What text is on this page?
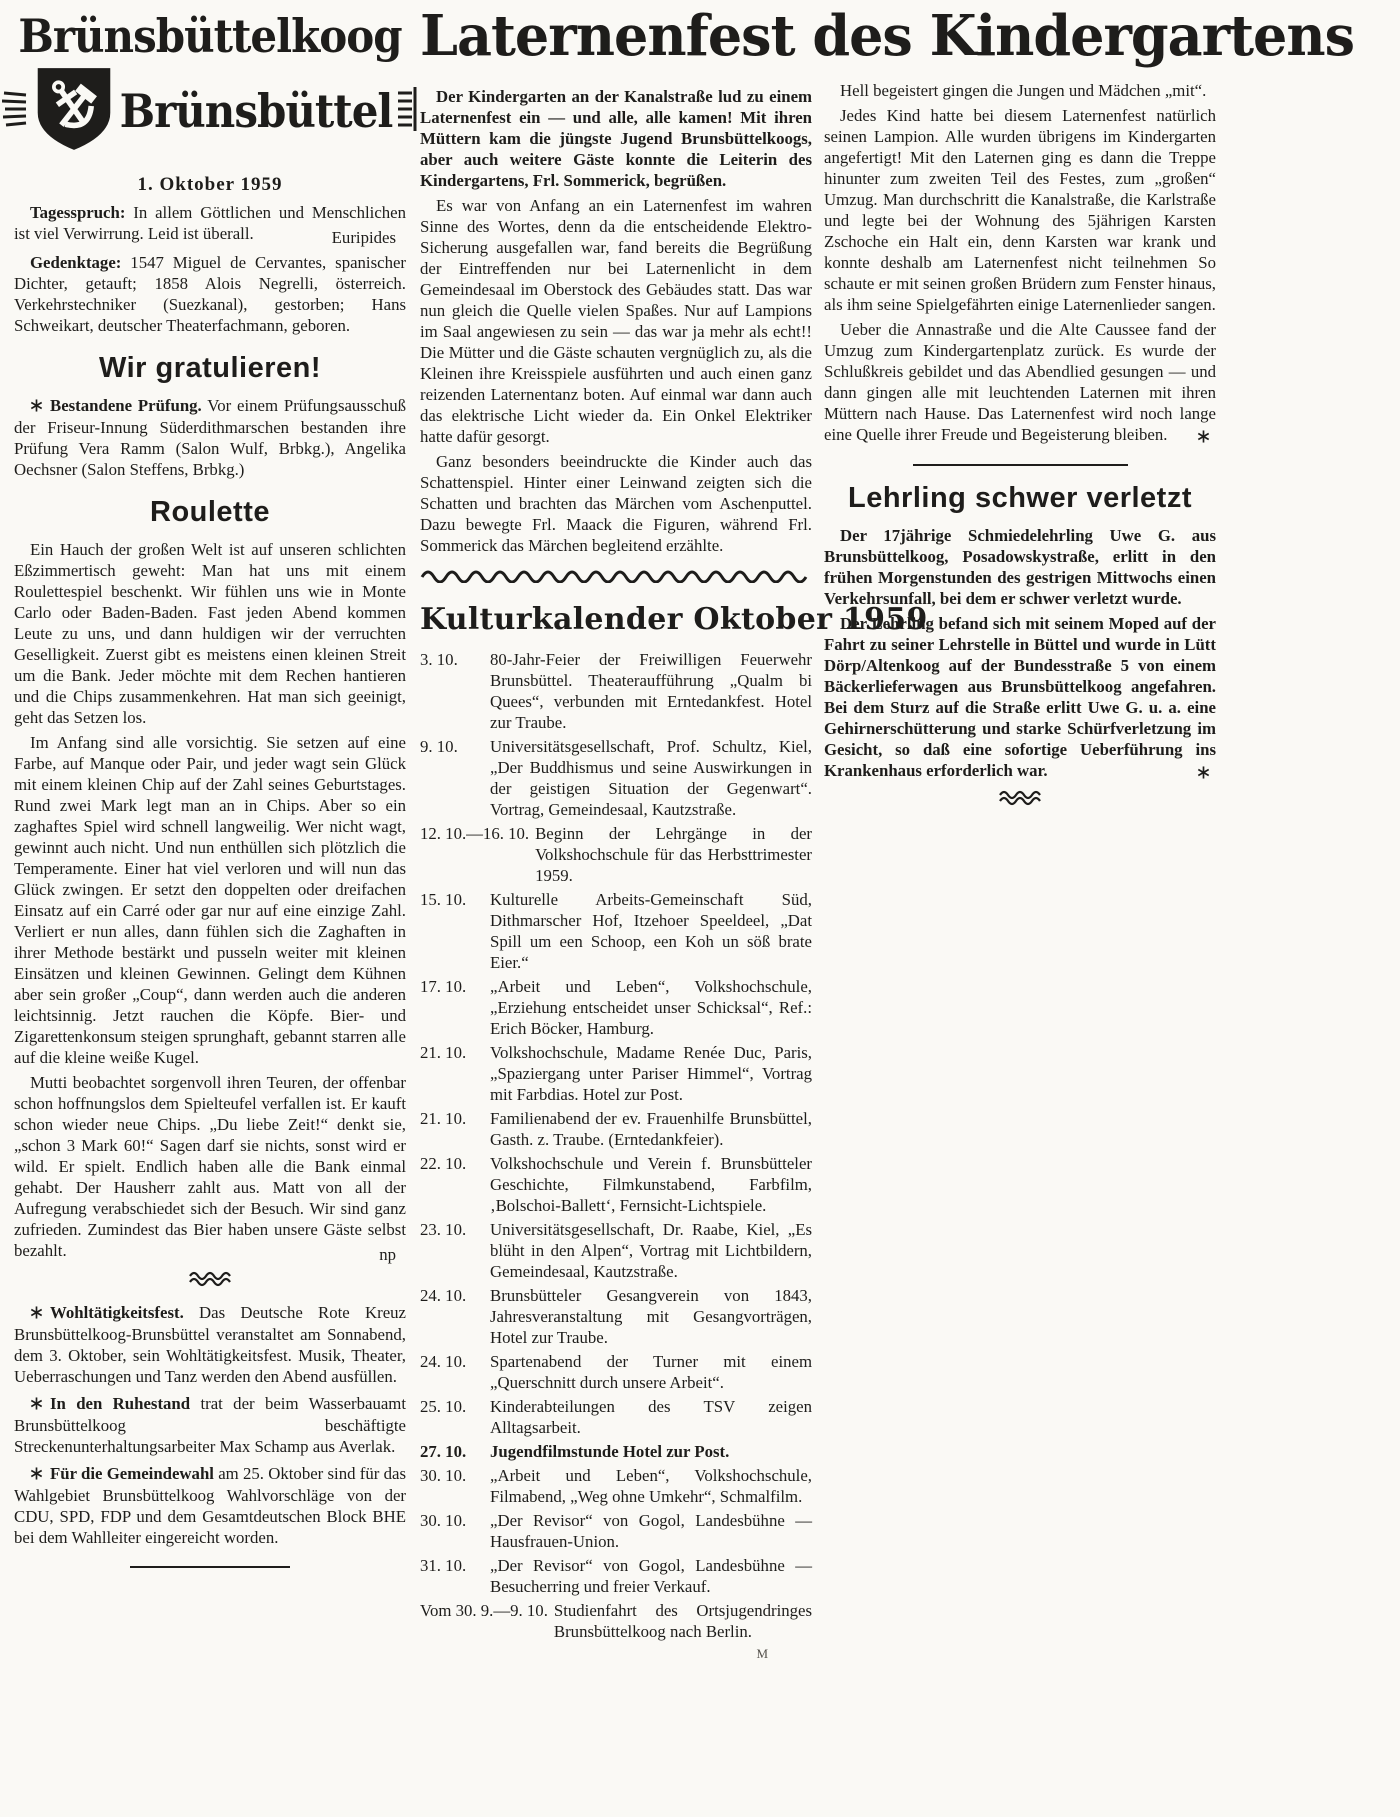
Brünsbüttelkoog
Brünsbüttel
1. Oktober 1959

Tagesspruch: In allem Göttlichen und Menschlichen ist viel Verwirrung. Leid ist überall.	Euripides

Gedenktage: 1547 Miguel de Cervantes, spanischer Dichter, getauft; 1858 Alois Negrelli, österreich. Verkehrstechniker (Suezkanal), gestorben; Hans Schweikart, deutscher Theaterfachmann, geboren.

Wir gratulieren!

Bestandene Prüfung. Vor einem Prüfungsausschuß der Friseur-Innung Süderdithmarschen bestanden ihre Prüfung Vera Ramm (Salon Wulf, Brbkg.), Angelika Oechsner (Salon Steffens, Brbkg.)

Roulette

Ein Hauch der großen Welt ist auf unseren schlichten Eßzimmertisch geweht: Man hat uns mit einem Roulettespiel beschenkt. Wir fühlen uns wie in Monte Carlo oder Baden-Baden. Fast jeden Abend kommen Leute zu uns, und dann huldigen wir der verruchten Geselligkeit. Zuerst gibt es meistens einen kleinen Streit um die Bank. Jeder möchte mit dem Rechen hantieren und die Chips zusammenkehren. Hat man sich geeinigt, geht das Setzen los.

Im Anfang sind alle vorsichtig. Sie setzen auf eine Farbe, auf Manque oder Pair, und jeder wagt sein Glück mit einem kleinen Chip auf der Zahl seines Geburtstages. Rund zwei Mark legt man an in Chips. Aber so ein zaghaftes Spiel wird schnell langweilig. Wer nicht wagt, gewinnt auch nicht. Und nun enthüllen sich plötzlich die Temperamente. Einer hat viel verloren und will nun das Glück zwingen. Er setzt den doppelten oder dreifachen Einsatz auf ein Carré oder gar nur auf eine einzige Zahl. Verliert er nun alles, dann fühlen sich die Zaghaften in ihrer Methode bestärkt und pusseln weiter mit kleinen Einsätzen und kleinen Gewinnen. Gelingt dem Kühnen aber sein großer „Coup“, dann werden auch die anderen leichtsinnig. Jetzt rauchen die Köpfe. Bier- und Zigarettenkonsum steigen sprunghaft, gebannt starren alle auf die kleine weiße Kugel.

Mutti beobachtet sorgenvoll ihren Teuren, der offenbar schon hoffnungslos dem Spielteufel verfallen ist. Er kauft schon wieder neue Chips. „Du liebe Zeit!“ denkt sie, „schon 3 Mark 60!“ Sagen darf sie nichts, sonst wird er wild. Er spielt. Endlich haben alle die Bank einmal gehabt. Der Hausherr zahlt aus. Matt von all der Aufregung verabschiedet sich der Besuch. Wir sind ganz zufrieden. Zumindest das Bier haben unsere Gäste selbst bezahlt.	np

Wohltätigkeitsfest. Das Deutsche Rote Kreuz Brunsbüttelkoog-Brunsbüttel veranstaltet am Sonnabend, dem 3. Oktober, sein Wohltätigkeitsfest. Musik, Theater, Ueberraschungen und Tanz werden den Abend ausfüllen.

In den Ruhestand trat der beim Wasserbauamt Brunsbüttelkoog beschäftigte Streckenunterhaltungsarbeiter Max Schamp aus Averlak.

Für die Gemeindewahl am 25. Oktober sind für das Wahlgebiet Brunsbüttelkoog Wahlvorschläge von der CDU, SPD, FDP und dem Gesamtdeutschen Block BHE bei dem Wahlleiter eingereicht worden.

Laternenfest des Kindergartens

Der Kindergarten an der Kanalstraße lud zu einem Laternenfest ein — und alle, alle kamen! Mit ihren Müttern kam die jüngste Jugend Brunsbüttelkoogs, aber auch weitere Gäste konnte die Leiterin des Kindergartens, Frl. Sommerick, begrüßen.

Es war von Anfang an ein Laternenfest im wahren Sinne des Wortes, denn da die entscheidende Elektro-Sicherung ausgefallen war, fand bereits die Begrüßung der Eintreffenden nur bei Laternenlicht in dem Gemeindesaal im Oberstock des Gebäudes statt. Das war nun gleich die Quelle vielen Spaßes. Nur auf Lampions im Saal angewiesen zu sein — das war ja mehr als echt!! Die Mütter und die Gäste schauten vergnüglich zu, als die Kleinen ihre Kreisspiele ausführten und auch einen ganz reizenden Laternentanz boten. Auf einmal war dann auch das elektrische Licht wieder da. Ein Onkel Elektriker hatte dafür gesorgt.

Ganz besonders beeindruckte die Kinder auch das Schattenspiel. Hinter einer Leinwand zeigten sich die Schatten und brachten das Märchen vom Aschenputtel. Dazu bewegte Frl. Maack die Figuren, während Frl. Sommerick das Märchen begleitend erzählte.

Kulturkalender Oktober 1959
3. 10.	80-Jahr-Feier der Freiwilligen Feuerwehr Brunsbüttel. Theateraufführung „Qualm bi Quees“, verbunden mit Erntedankfest. Hotel zur Traube.
9. 10.	Universitätsgesellschaft, Prof. Schultz, Kiel, „Der Buddhismus und seine Auswirkungen in der geistigen Situation der Gegenwart“. Vortrag, Gemeindesaal, Kautzstraße.
12. 10.—16. 10. Beginn der Lehrgänge in der Volkshochschule für das Herbsttrimester 1959.
15. 10.	Kulturelle Arbeits-Gemeinschaft Süd, Dithmarscher Hof, Itzehoer Speeldeel, „Dat Spill um een Schoop, een Koh un söß brate Eier.“
17. 10.	„Arbeit und Leben“, Volkshochschule, „Erziehung entscheidet unser Schicksal“, Ref.: Erich Böcker, Hamburg.
21. 10.	Volkshochschule, Madame Renée Duc, Paris, „Spaziergang unter Pariser Himmel“, Vortrag mit Farbdias. Hotel zur Post.
21. 10.	Familienabend der ev. Frauenhilfe Brunsbüttel, Gasth. z. Traube. (Erntedankfeier).
22. 10.	Volkshochschule und Verein f. Brunsbütteler Geschichte, Filmkunstabend, Farbfilm, ‚Bolschoi-Ballett‘, Fernsicht-Lichtspiele.
23. 10.	Universitätsgesellschaft, Dr. Raabe, Kiel, „Es blüht in den Alpen“, Vortrag mit Lichtbildern, Gemeindesaal, Kautzstraße.
24. 10.	Brunsbütteler Gesangverein von 1843, Jahresveranstaltung mit Gesangvorträgen, Hotel zur Traube.
24. 10.	Spartenabend der Turner mit einem „Querschnitt durch unsere Arbeit“.
25. 10.	Kinderabteilungen des TSV zeigen Alltagsarbeit.
27. 10.	Jugendfilmstunde Hotel zur Post.
30. 10.	„Arbeit und Leben“, Volkshochschule, Filmabend, „Weg ohne Umkehr“, Schmalfilm.
30. 10.	„Der Revisor“ von Gogol, Landesbühne — Hausfrauen-Union.
31. 10.	„Der Revisor“ von Gogol, Landesbühne — Besucherring und freier Verkauf.
Vom 30. 9.—9. 10. Studienfahrt des Ortsjugendringes Brunsbüttelkoog nach Berlin.
M

Hell begeistert gingen die Jungen und Mädchen „mit“.

Jedes Kind hatte bei diesem Laternenfest natürlich seinen Lampion. Alle wurden übrigens im Kindergarten angefertigt! Mit den Laternen ging es dann die Treppe hinunter zum zweiten Teil des Festes, zum „großen“ Umzug. Man durchschritt die Kanalstraße, die Karlstraße und legte bei der Wohnung des 5jährigen Karsten Zschoche ein Halt ein, denn Karsten war krank und konnte deshalb am Laternenfest nicht teilnehmen So schaute er mit seinen großen Brüdern zum Fenster hinaus, als ihm seine Spielgefährten einige Laternenlieder sangen.

Ueber die Annastraße und die Alte Caussee fand der Umzug zum Kindergartenplatz zurück. Es wurde der Schlußkreis gebildet und das Abendlied gesungen — und dann gingen alle mit leuchtenden Laternen mit ihren Müttern nach Hause. Das Laternenfest wird noch lange eine Quelle ihrer Freude und Begeisterung bleiben.

Lehrling schwer verletzt

Der 17jährige Schmiedelehrling Uwe G. aus Brunsbüttelkoog, Posadowskystraße, erlitt in den frühen Morgenstunden des gestrigen Mittwochs einen Verkehrsunfall, bei dem er schwer verletzt wurde.

Der Lehrling befand sich mit seinem Moped auf der Fahrt zu seiner Lehrstelle in Büttel und wurde in Lütt Dörp/Altenkoog auf der Bundesstraße 5 von einem Bäckerlieferwagen aus Brunsbüttelkoog angefahren. Bei dem Sturz auf die Straße erlitt Uwe G. u. a. eine Gehirnerschütterung und starke Schürfverletzung im Gesicht, so daß eine sofortige Ueberführung ins Krankenhaus erforderlich war.
